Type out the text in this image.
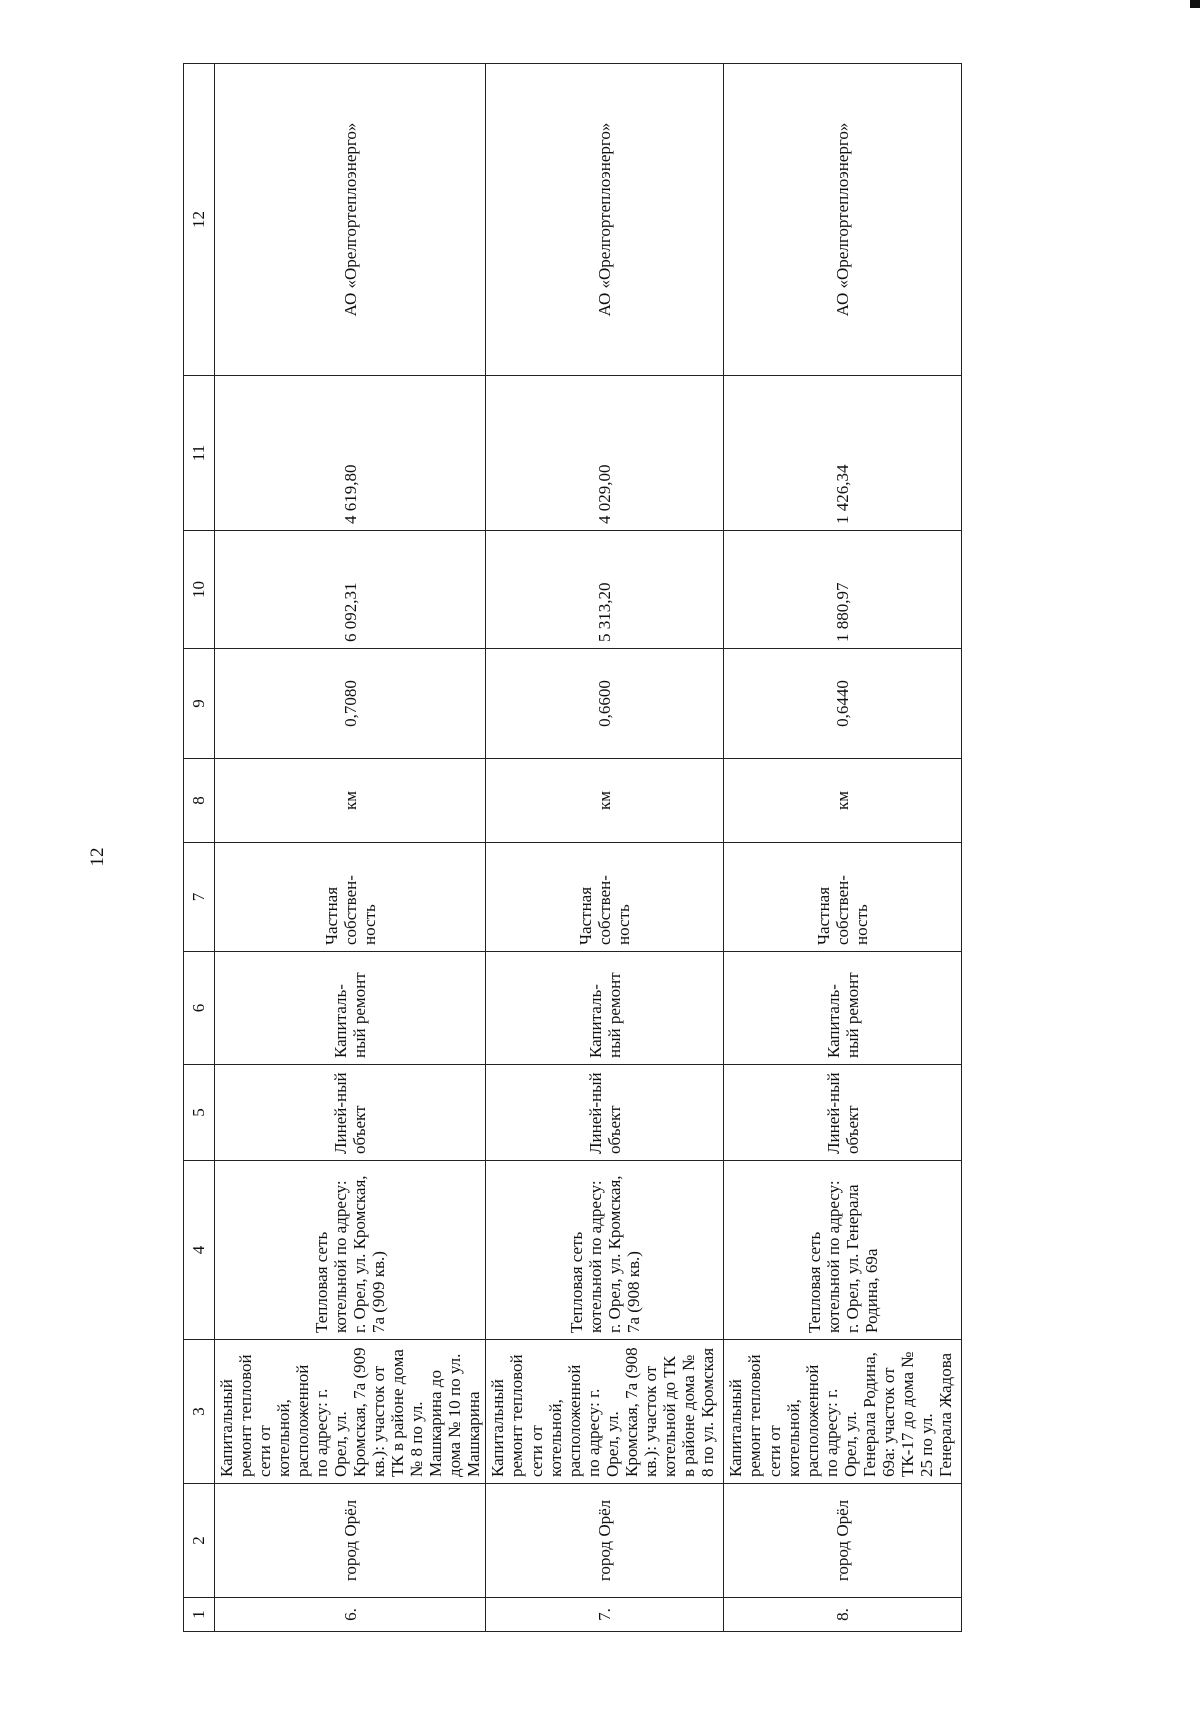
12
1	2	3	4	5	6	7	8	9	10	11	12
6.	город Орёл	Капитальный ремонт тепловой сети от котельной, расположенной по адресу: г. Орел, ул. Кромская, 7а (909 кв.): участок от ТК в районе дома № 8 по ул. Машкарина до дома № 10 по ул. Машкарина	Тепловая сеть котельной по адресу: г. Орел, ул. Кромская, 7а (909 кв.)	Линей-ный объект	Капиталь-ный ремонт	Частная собствен-ность	км	0,7080	6 092,31	4 619,80	АО «Орелгортеплоэнерго»
7.	город Орёл	Капитальный ремонт тепловой сети от котельной, расположенной по адресу: г. Орел, ул. Кромская, 7а (908 кв.): участок от котельной до ТК в районе дома № 8 по ул. Кромская	Тепловая сеть котельной по адресу: г. Орел, ул. Кромская, 7а (908 кв.)	Линей-ный объект	Капиталь-ный ремонт	Частная собствен-ность	км	0,6600	5 313,20	4 029,00	АО «Орелгортеплоэнерго»
8.	город Орёл	Капитальный ремонт тепловой сети от котельной, расположенной по адресу: г. Орел, ул. Генерала Родина, 69а: участок от ТК-17 до дома № 25 по ул. Генерала Жадова	Тепловая сеть котельной по адресу: г. Орел, ул. Генерала Родина, 69а	Линей-ный объект	Капиталь-ный ремонт	Частная собствен-ность	км	0,6440	1 880,97	1 426,34	АО «Орелгортеплоэнерго»
